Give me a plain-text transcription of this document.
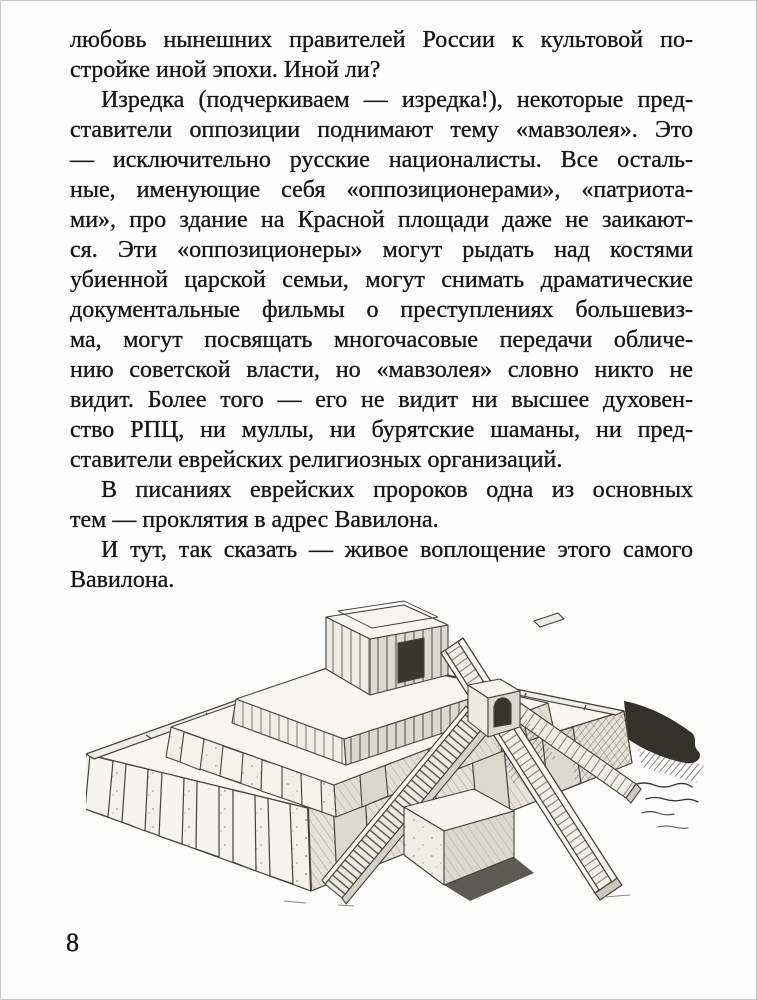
любовь нынешних правителей России к культовой по-
стройке иной эпохи. Иной ли?
Изредка (подчеркиваем — изредка!), некоторые пред-
ставители оппозиции поднимают тему «мавзолея». Это
— исключительно русские националисты. Все осталь-
ные, именующие себя «оппозиционерами», «патриота-
ми», про здание на Красной площади даже не заикают-
ся. Эти «оппозиционеры» могут рыдать над костями
убиенной царской семьи, могут снимать драматические
документальные фильмы о преступлениях большевиз-
ма, могут посвящать многочасовые передачи обличе-
нию советской власти, но «мавзолея» словно никто не
видит. Более того — его не видит ни высшее духовен-
ство РПЦ, ни муллы, ни бурятские шаманы, ни пред-
ставители еврейских религиозных организаций.
В писаниях еврейских пророков одна из основных
тем — проклятия в адрес Вавилона.
И тут, так сказать — живое воплощение этого самого
Вавилона.
8
